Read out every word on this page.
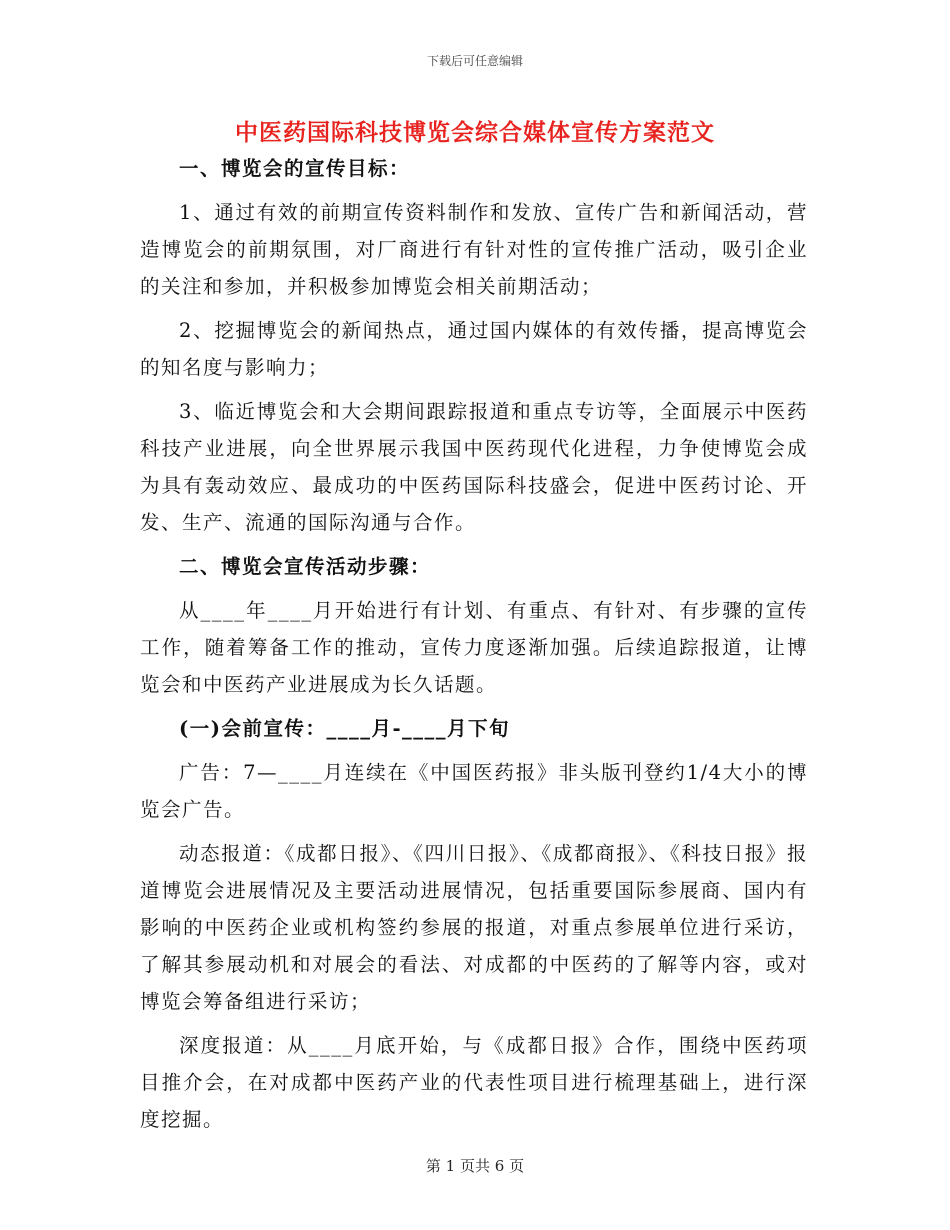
下载后可任意编辑
中医药国际科技博览会综合媒体宣传方案范文

一、博览会的宣传目标：

1、通过有效的前期宣传资料制作和发放、宣传广告和新闻活动，营造博览会的前期氛围，对厂商进行有针对性的宣传推广活动，吸引企业的关注和参加，并积极参加博览会相关前期活动；

2、挖掘博览会的新闻热点，通过国内媒体的有效传播，提高博览会的知名度与影响力；

3、临近博览会和大会期间跟踪报道和重点专访等，全面展示中医药科技产业进展，向全世界展示我国中医药现代化进程，力争使博览会成为具有轰动效应、最成功的中医药国际科技盛会，促进中医药讨论、开发、生产、流通的国际沟通与合作。

二、博览会宣传活动步骤：

从____年____月开始进行有计划、有重点、有针对、有步骤的宣传工作，随着筹备工作的推动，宣传力度逐渐加强。后续追踪报道，让博览会和中医药产业进展成为长久话题。

(一)会前宣传：____月-____月下旬

广告：7—____月连续在《中国医药报》非头版刊登约1/4大小的博览会广告。

动态报道：《成都日报》、《四川日报》、《成都商报》、《科技日报》报道博览会进展情况及主要活动进展情况，包括重要国际参展商、国内有影响的中医药企业或机构签约参展的报道，对重点参展单位进行采访，了解其参展动机和对展会的看法、对成都的中医药的了解等内容，或对博览会筹备组进行采访；

深度报道：从____月底开始，与《成都日报》合作，围绕中医药项目推介会，在对成都中医药产业的代表性项目进行梳理基础上，进行深度挖掘。

第 1 页共 6 页
